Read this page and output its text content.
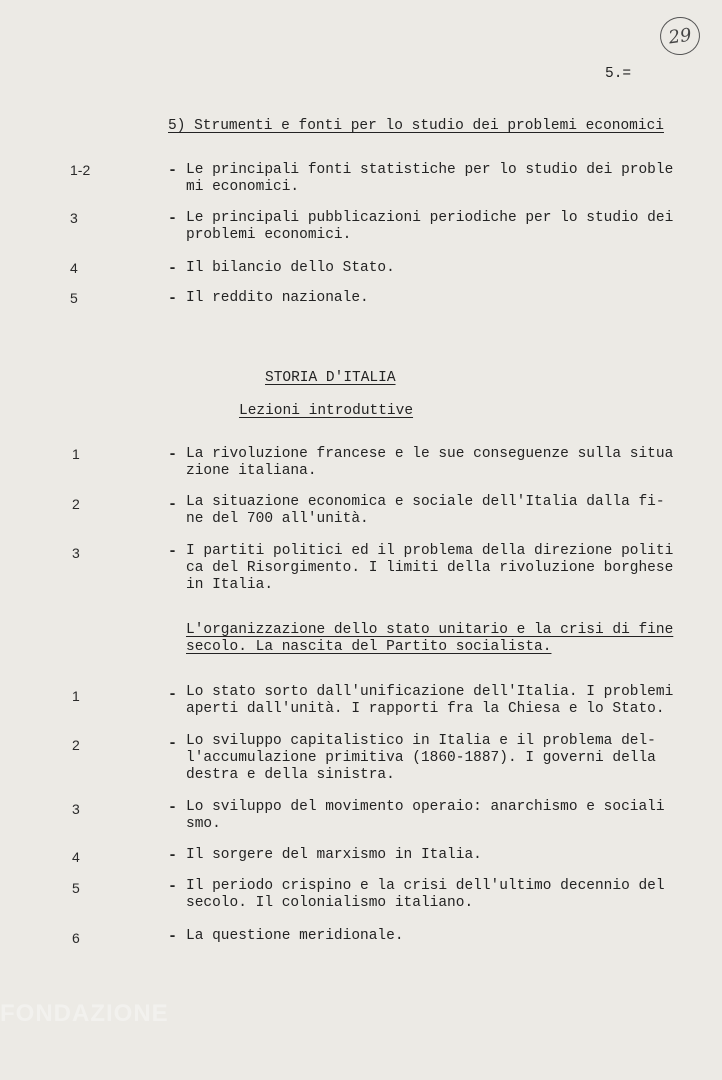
29
5.=
5) Strumenti e fonti per lo studio dei problemi economici
1-2	- Le principali fonti statistiche per lo studio dei proble
mi economici.
3	- Le principali pubblicazioni periodiche per lo studio dei
problemi economici.
4	- Il bilancio dello Stato.
5	- Il reddito nazionale.
STORIA D'ITALIA
Lezioni introduttive
1	- La rivoluzione francese e le sue conseguenze sulla situa
zione italiana.
2	- La situazione economica e sociale dell'Italia dalla fi-
ne del 700 all'unità.
3	- I partiti politici ed il problema della direzione politi
ca del Risorgimento. I limiti della rivoluzione borghese
in Italia.
L'organizzazione dello stato unitario e la crisi di fine
secolo. La nascita del Partito socialista.
1	- Lo stato sorto dall'unificazione dell'Italia. I problemi
aperti dall'unità. I rapporti fra la Chiesa e lo Stato.
2	- Lo sviluppo capitalistico in Italia e il problema del-
l'accumulazione primitiva (1860-1887). I governi della
destra e della sinistra.
3	- Lo sviluppo del movimento operaio: anarchismo e sociali
smo.
4	- Il sorgere del marxismo in Italia.
5	- Il periodo crispino e la crisi dell'ultimo decennio del
secolo. Il colonialismo italiano.
6	- La questione meridionale.
FONDAZIONE
